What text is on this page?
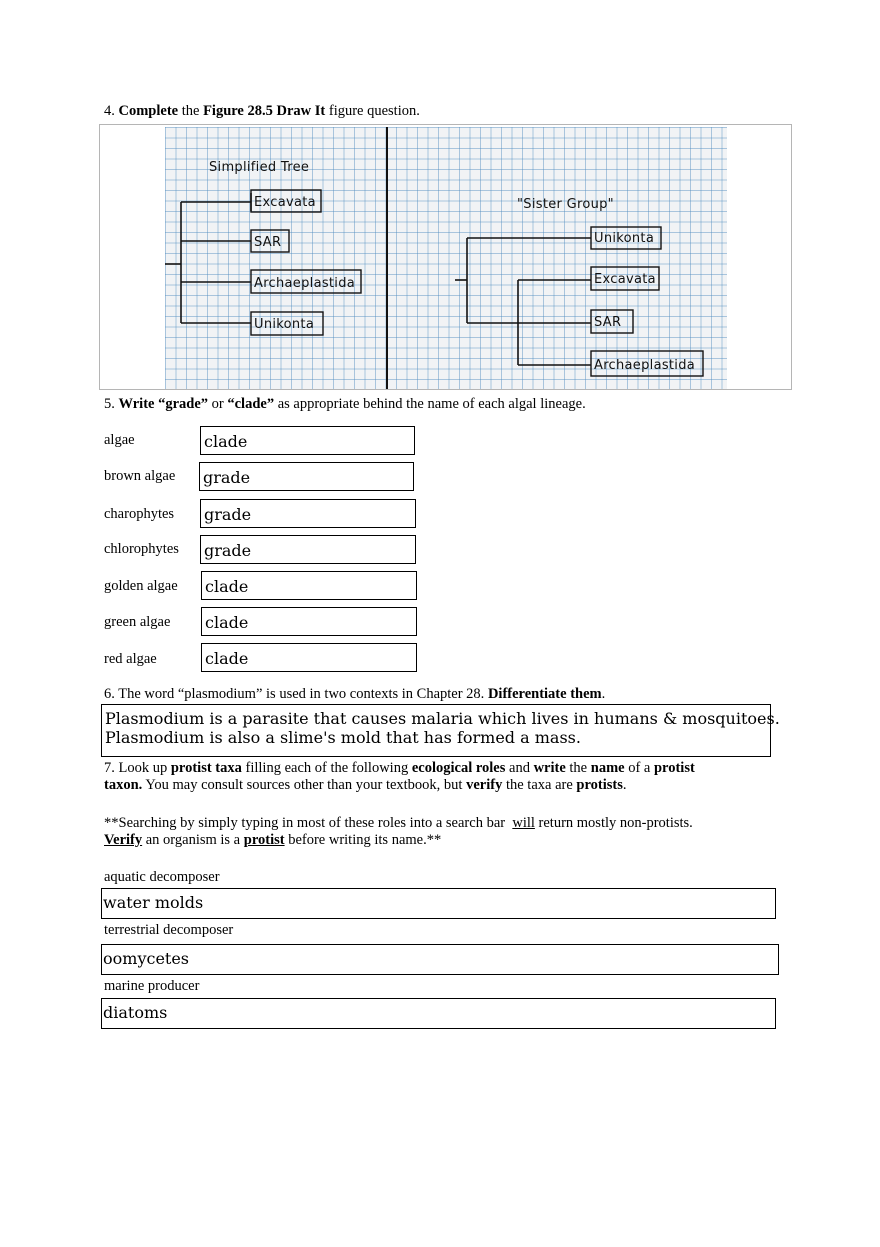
4. Complete the Figure 28.5 Draw It figure question.
Simplified Tree
Excavata
SAR
Archaeplastida
Unikonta
"Sister Group"
Unikonta
Excavata
SAR
Archaeplastida
5. Write “grade” or “clade” as appropriate behind the name of each algal lineage.
algae	clade
brown algae grade
charophytes grade
chlorophytes grade
golden algae clade
green algae clade
red algae	clade
6. The word “plasmodium” is used in two contexts in Chapter 28. Differentiate them.
Plasmodium is a parasite that causes malaria which lives in humans & mosquitoes.
Plasmodium is also a slime's mold that has formed a mass.
7. Look up protist taxa filling each of the following ecological roles and write the name of a protist
taxon. You may consult sources other than your textbook, but verify the taxa are protists.
**Searching by simply typing in most of these roles into a search bar will return mostly non-protists.
Verify an organism is a protist before writing its name.**
aquatic decomposer
water molds
terrestrial decomposer
oomycetes
marine producer
diatoms
